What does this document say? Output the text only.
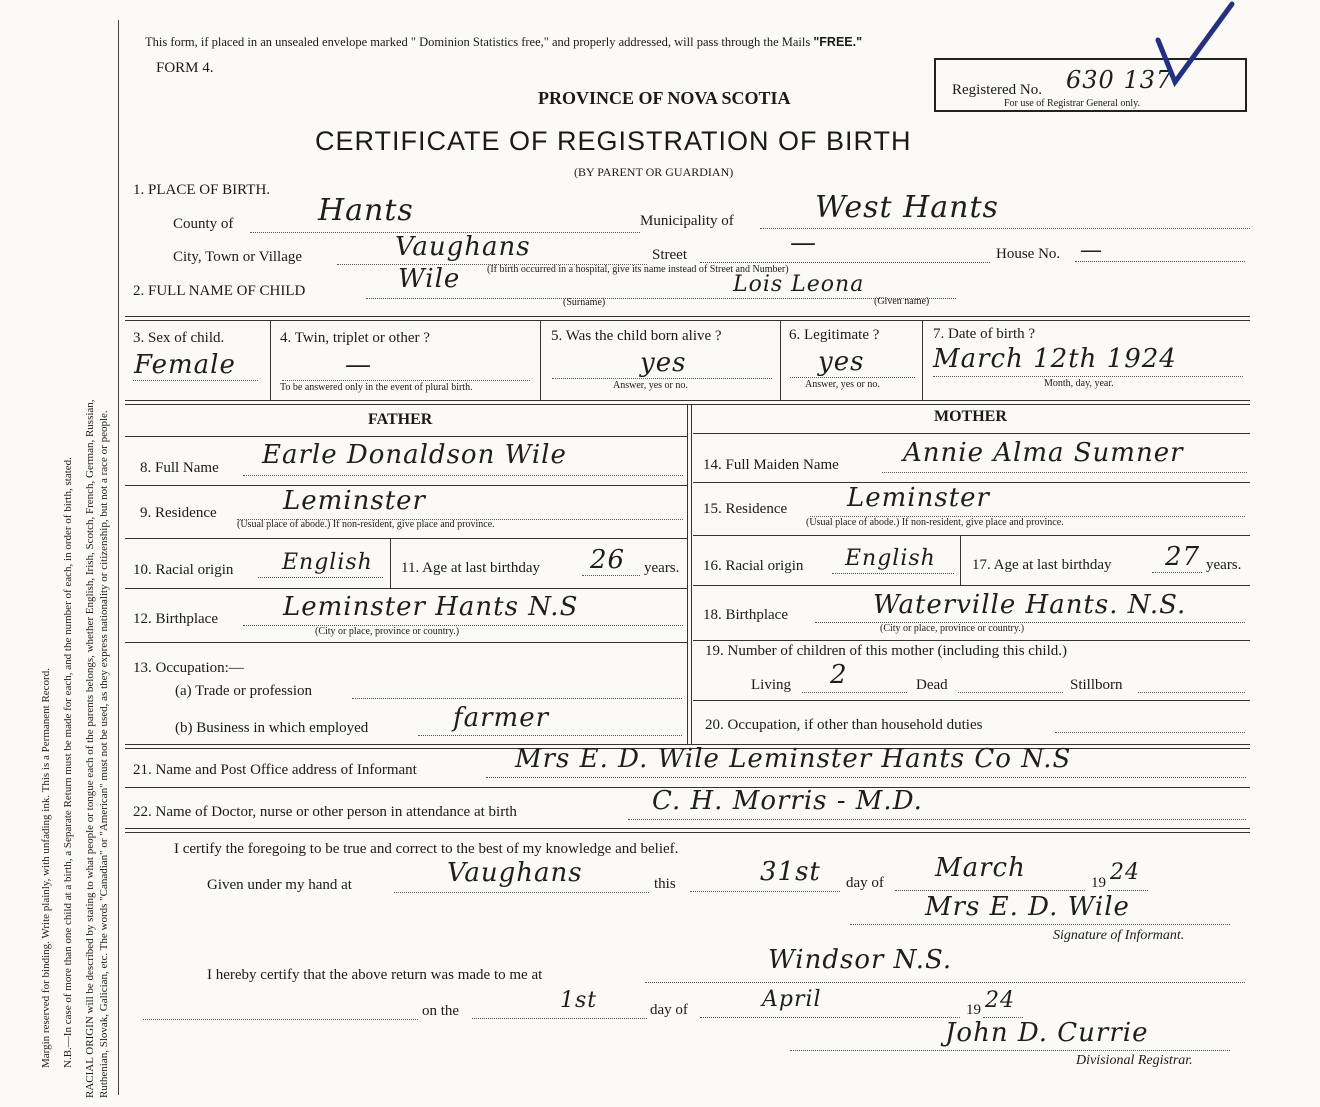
Margin reserved for binding. Write plainly, with unfading ink. This is a Permanent Record. N.B.—In case of more than one child at a birth, a Separate Return must be made for each, and the number of each, in order of birth, stated. RACIAL ORIGIN will be described by stating to what people or tongue each of the parents belongs, whether English, Irish, Scotch, French, German, Russian, Ruthenian, Slovak, Galician, etc. The words "Canadian" or "American" must not be used, as they express nationality or citizenship, but not a race or people.
This form, if placed in an unsealed envelope marked " Dominion Statistics free," and properly addressed, will pass through the Mails "FREE."
FORM 4.
PROVINCE OF NOVA SCOTIA
CERTIFICATE OF REGISTRATION OF BIRTH
(BY PARENT OR GUARDIAN)
Registered No. 630 137
For use of Registrar General only.
1. PLACE OF BIRTH.
County of	Hants	Municipality of	West Hants
City, Town or Village	Vaughans	Street	—	House No. —
(If birth occurred in a hospital, give its name instead of Street and Number)
2. FULL NAME OF CHILD	Wile	Lois Leona
(Surname)	(Given name)
3. Sex of child.
Female
4. Twin, triplet or other ?
—
To be answered only in the event of plural birth.
5. Was the child born alive ?
yes
Answer, yes or no.
6. Legitimate ?
yes
Answer, yes or no.
7. Date of birth ?
March 12th 1924
Month, day, year.
FATHER	MOTHER
8. Full Name Earle Donaldson Wile
9. Residence	Leminster
(Usual place of abode.) If non-resident, give place and province.
10. Racial origin English 11. Age at last birthday 26 years.
12. Birthplace	Leminster Hants N.S
(City or place, province or country.)
13. Occupation:—
(a) Trade or profession
(b) Business in which employed	farmer
14. Full Maiden Name Annie Alma Sumner
15. Residence Leminster
(Usual place of abode.) If non-resident, give place and province.
16. Racial origin English 17. Age at last birthday 27 years.
18. Birthplace	Waterville Hants. N.S.
(City or place, province or country.)
19. Number of children of this mother (including this child.)
Living 2	Dead	Stillborn
20. Occupation, if other than household duties
21. Name and Post Office address of Informant	Mrs E. D. Wile Leminster Hants Co N.S
22. Name of Doctor, nurse or other person in attendance at birth	C. H. Morris - M.D.
I certify the foregoing to be true and correct to the best of my knowledge and belief.
Given under my hand at	Vaughans	this	31st day of March	19 24
Mrs E. D. Wile
Signature of Informant.
I hereby certify that the above return was made to me at	Windsor N.S.
on the	1st	day of	April	19 24
John D. Currie
Divisional Registrar.
